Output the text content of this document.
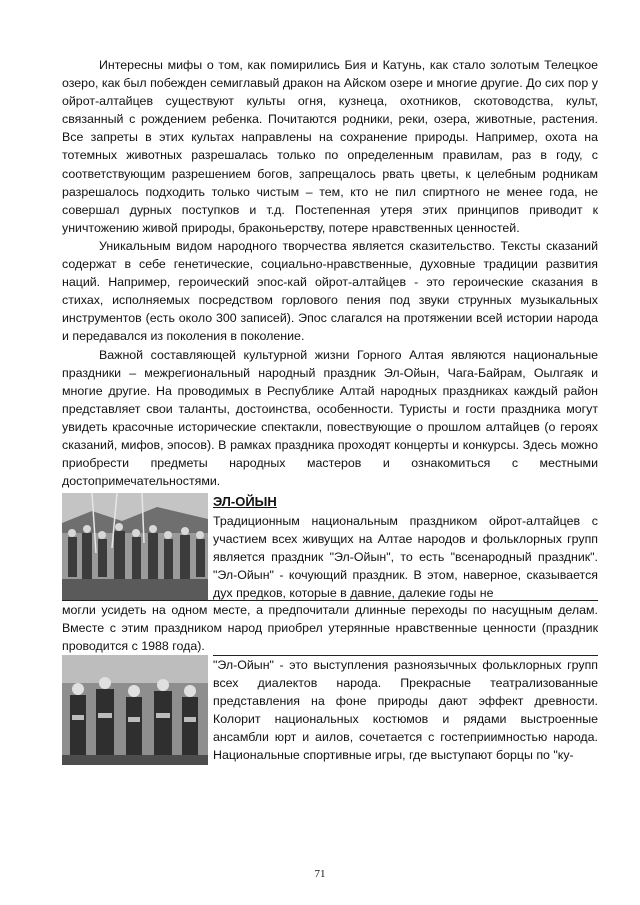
Интересны мифы о том, как помирились Бия и Катунь, как стало золотым Телецкое озеро, как был побежден семиглавый дракон на Айском озере и многие другие. До сих пор у ойрот-алтайцев существуют культы огня, кузнеца, охотников, скотоводства, культ, связанный с рождением ребенка. Почитаются родники, реки, озера, животные, растения. Все запреты в этих культах направлены на сохранение природы. Например, охота на тотемных животных разрешалась только по определенным правилам, раз в году, с соответствующим разрешением богов, запрещалось рвать цветы, к целебным родникам разрешалось подходить только чистым – тем, кто не пил спиртного не менее года, не совершал дурных поступков и т.д. Постепенная утеря этих принципов приводит к уничтожению живой природы, браконьерству, потере нравственных ценностей.

Уникальным видом народного творчества является сказительство. Тексты сказаний содержат в себе генетические, социально-нравственные, духовные традиции развития наций. Например, героический эпос-кай ойрот-алтайцев - это героические сказания в стихах, исполняемых посредством горлового пения под звуки струнных музыкальных инструментов (есть около 300 записей). Эпос слагался на протяжении всей истории народа и передавался из поколения в поколение.

Важной составляющей культурной жизни Горного Алтая являются национальные праздники – межрегиональный народный праздник Эл-Ойын, Чага-Байрам, Оылгаяк и многие другие. На проводимых в Республике Алтай народных праздниках каждый район представляет свои таланты, достоинства, особенности. Туристы и гости праздника могут увидеть красочные исторические спектакли, повествующие о прошлом алтайцев (о героях сказаний, мифов, эпосов). В рамках праздника проходят концерты и конкурсы. Здесь можно приобрести предметы народных мастеров и ознакомиться с местными достопримечательностями.

ЭЛ-ОЙЫН

Традиционным национальным праздником ойрот-алтайцев с участием всех живущих на Алтае народов и фольклорных групп является праздник "Эл-Ойын", то есть "всенародный праздник". "Эл-Ойын" - кочующий праздник. В этом, наверное, сказывается дух предков, которые в давние, далекие годы не

могли усидеть на одном месте, а предпочитали длинные переходы по насущным делам. Вместе с этим праздником народ приобрел утерянные нравственные ценности (праздник проводится с 1988 года).

"Эл-Ойын" - это выступления разноязычных фольклорных групп всех диалектов народа. Прекрасные театрализованные представления на фоне природы дают эффект древности. Колорит национальных костюмов и рядами выстроенные ансамбли юрт и аилов, сочетается с гостеприимностью народа. Национальные спортивные игры, где выступают борцы по "ку-

71
